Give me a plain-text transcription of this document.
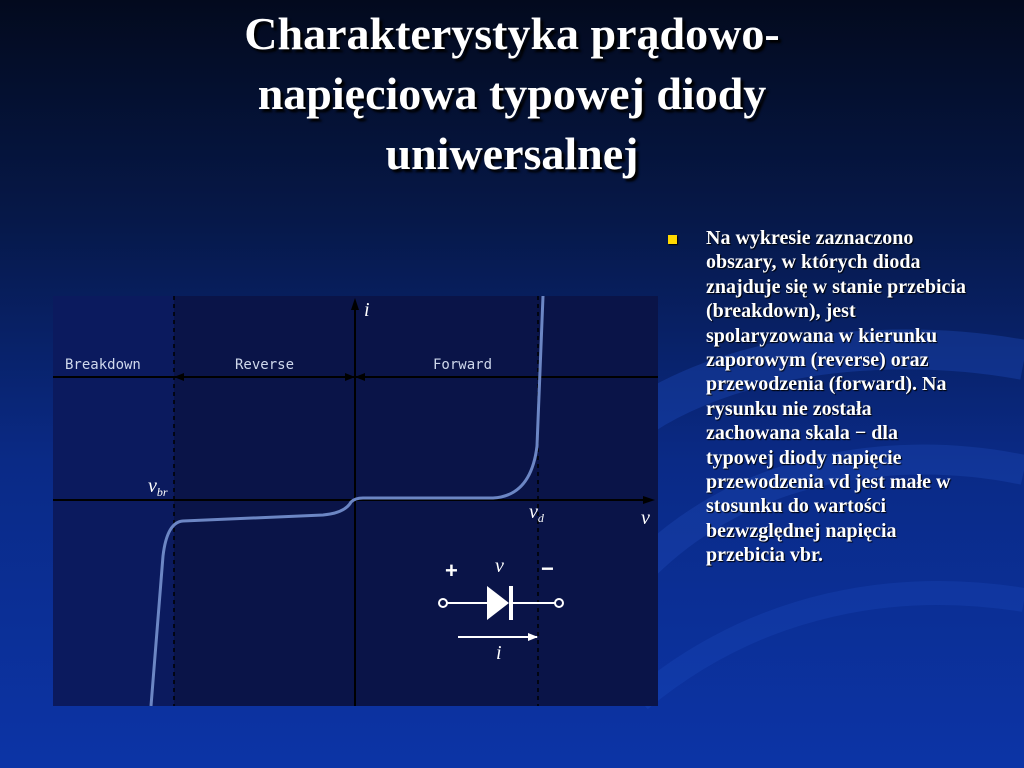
Charakterystyka prądowo-
napięciowa typowej diody
uniwersalnej
Na wykresie zaznaczono obszary, w których dioda znajduje się w stanie przebicia (breakdown), jest spolaryzowana w kierunku zaporowym (reverse) oraz przewodzenia (forward). Na rysunku nie została zachowana skala − dla typowej diody napięcie przewodzenia vd jest małe w stosunku do wartości bezwzględnej napięcia przebicia vbr.
Breakdown	Reverse	Forward
i
v
$v_{br}$
$v_d$
+	−
v
i
